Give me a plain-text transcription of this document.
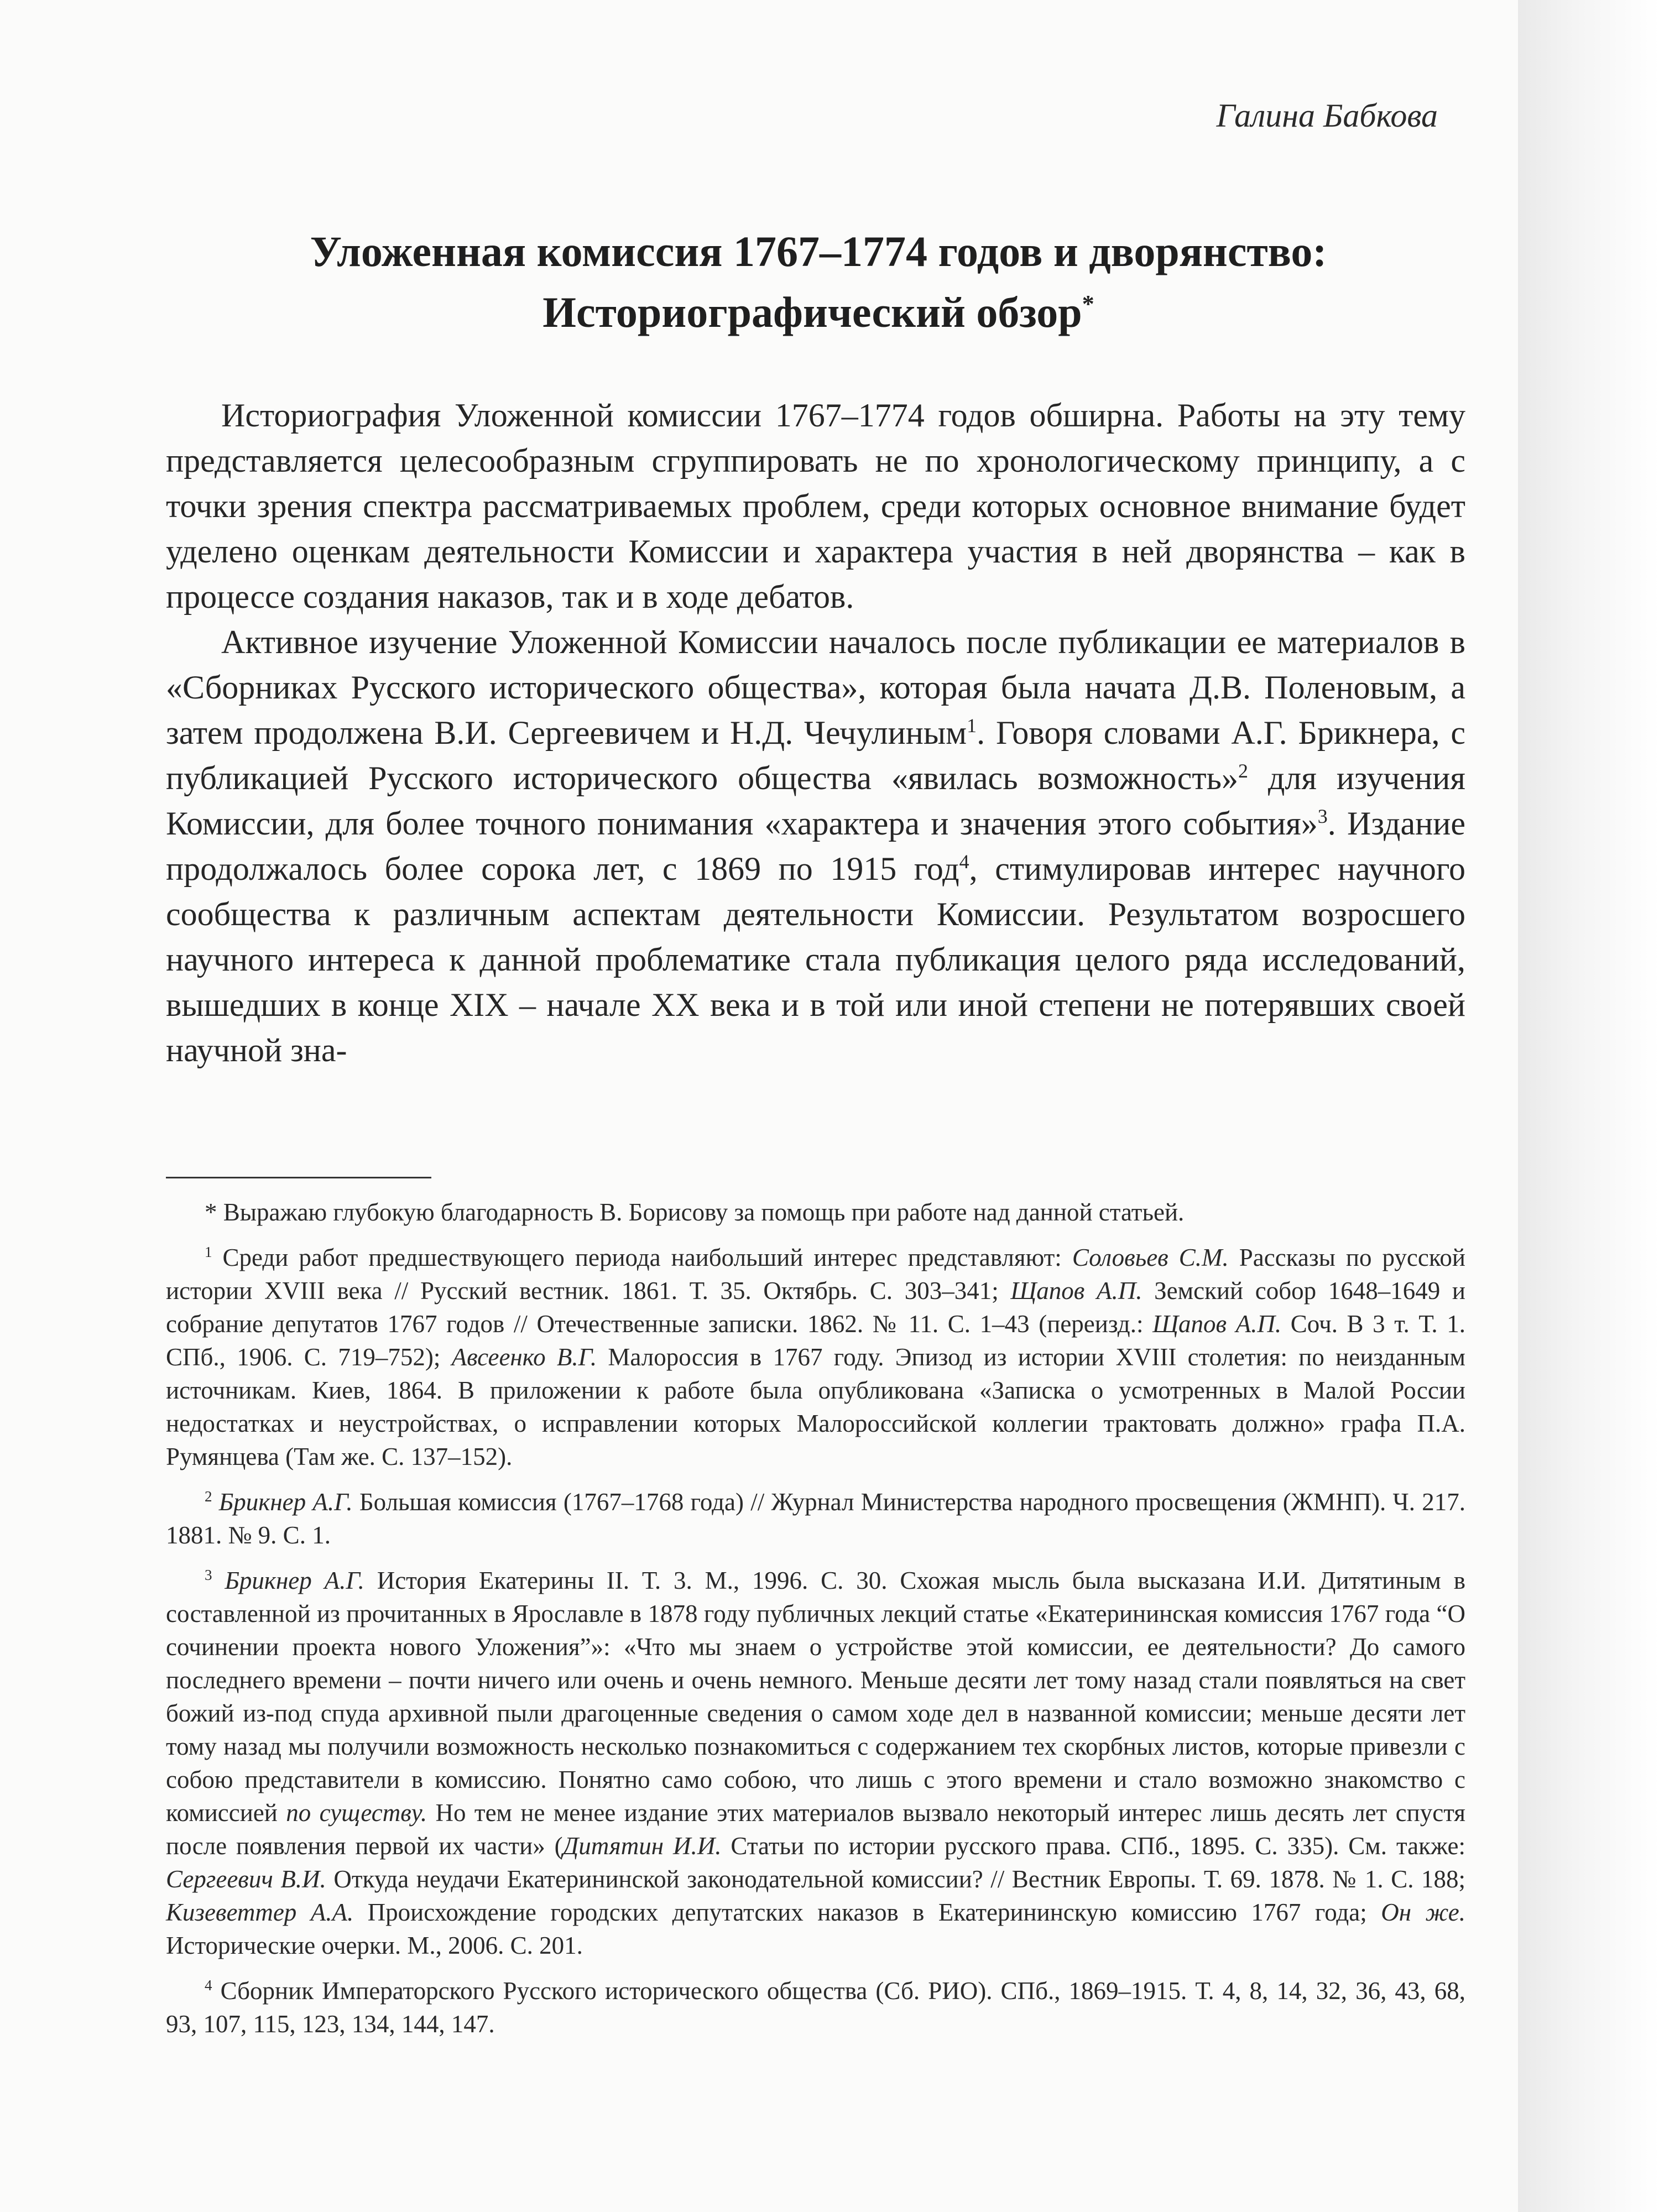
Галина Бабкова
Уложенная комиссия 1767–1774 годов и дворянство:
Историографический обзор*

Историография Уложенной комиссии 1767–1774 годов обширна. Работы на эту тему представляется целесообразным сгруппировать не по хронологическому принципу, а с точки зрения спектра рассматриваемых проблем, среди которых основное внимание будет уделено оценкам деятельности Комиссии и характера участия в ней дворянства – как в процессе создания наказов, так и в ходе дебатов.

Активное изучение Уложенной Комиссии началось после публикации ее материалов в «Сборниках Русского исторического общества», которая была начата Д.В. Поленовым, а затем продолжена В.И. Сергеевичем и Н.Д. Чечулиным$^1$. Говоря словами А.Г. Брикнера, с публикацией Русского исторического общества «явилась возможность»$^2$ для изучения Комиссии, для более точного понимания «характера и значения этого события»$^3$. Издание продолжалось более сорока лет, с 1869 по 1915 год$^4$, стимулировав интерес научного сообщества к различным аспектам деятельности Комиссии. Результатом возросшего научного интереса к данной проблематике стала публикация целого ряда исследований, вышедших в конце XIX – начале XX века и в той или иной степени не потерявших своей научной зна-

* Выражаю глубокую благодарность В. Борисову за помощь при работе над данной статьей.
$^1$ Среди работ предшествующего периода наибольший интерес представляют: Соловьев С.М. Рассказы по русской истории XVIII века // Русский вестник. 1861. Т. 35. Октябрь. С. 303–341; Щапов А.П. Земский собор 1648–1649 и собрание депутатов 1767 годов // Отечественные записки. 1862. № 11. С. 1–43 (переизд.: Щапов А.П. Соч. В 3 т. Т. 1. СПб., 1906. С. 719–752); Авсеенко В.Г. Малороссия в 1767 году. Эпизод из истории XVIII столетия: по неизданным источникам. Киев, 1864. В приложении к работе была опубликована «Записка о усмотренных в Малой России недостатках и неустройствах, о исправлении которых Малороссийской коллегии трактовать должно» графа П.А. Румянцева (Там же. С. 137–152).
$^2$ Брикнер А.Г. Большая комиссия (1767–1768 года) // Журнал Министерства народного просвещения (ЖМНП). Ч. 217. 1881. № 9. С. 1.
$^3$ Брикнер А.Г. История Екатерины II. Т. 3. М., 1996. С. 30. Схожая мысль была высказана И.И. Дитятиным в составленной из прочитанных в Ярославле в 1878 году публичных лекций статье «Екатерининская комиссия 1767 года “О сочинении проекта нового Уложения”»: «Что мы знаем о устройстве этой комиссии, ее деятельности? До самого последнего времени – почти ничего или очень и очень немного. Меньше десяти лет тому назад стали появляться на свет божий из-под спуда архивной пыли драгоценные сведения о самом ходе дел в названной комиссии; меньше десяти лет тому назад мы получили возможность несколько познакомиться с содержанием тех скорбных листов, которые привезли с собою представители в комиссию. Понятно само собою, что лишь с этого времени и стало возможно знакомство с комиссией по существу. Но тем не менее издание этих материалов вызвало некоторый интерес лишь десять лет спустя после появления первой их части» (Дитятин И.И. Статьи по истории русского права. СПб., 1895. С. 335). См. также: Сергеевич В.И. Откуда неудачи Екатерининской законодательной комиссии? // Вестник Европы. Т. 69. 1878. № 1. С. 188; Кизеветтер А.А. Происхождение городских депутатских наказов в Екатерининскую комиссию 1767 года; Он же. Исторические очерки. М., 2006. С. 201.
$^4$ Сборник Императорского Русского исторического общества (Сб. РИО). СПб., 1869–1915. Т. 4, 8, 14, 32, 36, 43, 68, 93, 107, 115, 123, 134, 144, 147.
